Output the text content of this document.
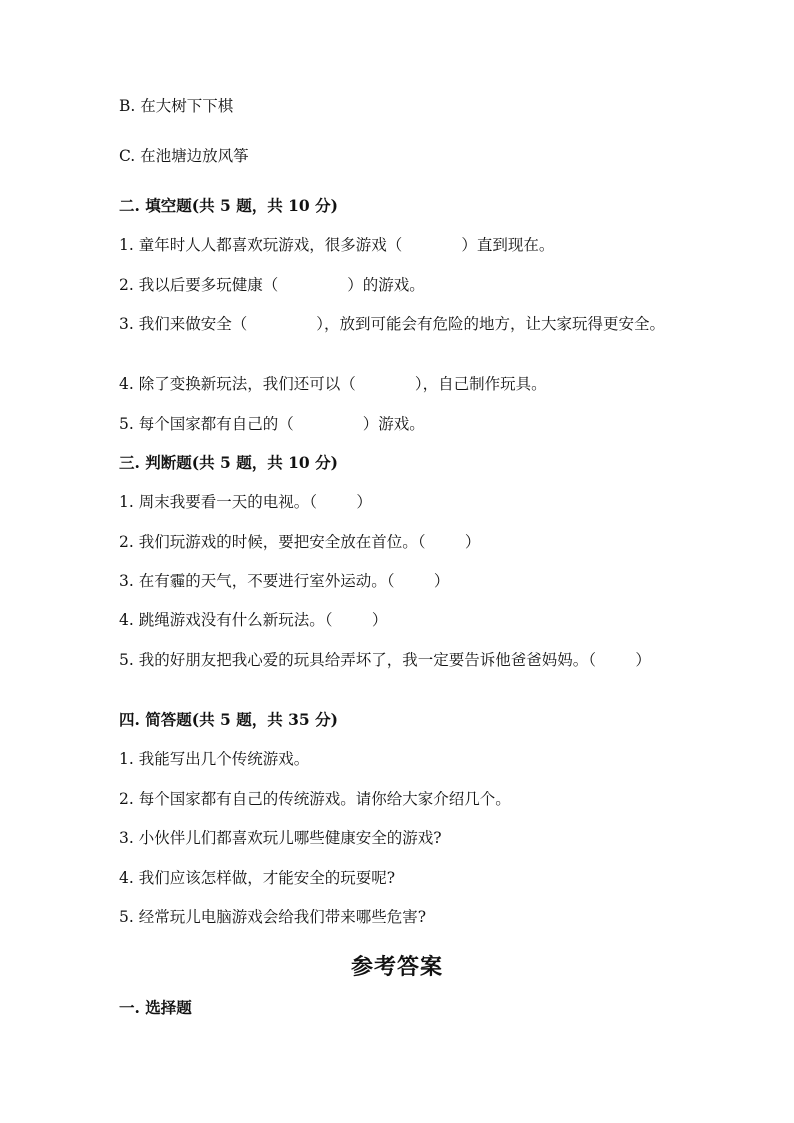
B. 在大树下下棋
C. 在池塘边放风筝
二. 填空题(共 5 题，共 10 分)
1. 童年时人人都喜欢玩游戏，很多游戏（            ）直到现在。
2. 我以后要多玩健康（              ）的游戏。
3. 我们来做安全（              ），放到可能会有危险的地方，让大家玩得更安全。
4. 除了变换新玩法，我们还可以（            ），自己制作玩具。
5. 每个国家都有自己的（              ）游戏。
三. 判断题(共 5 题，共 10 分)
1. 周末我要看一天的电视。（        ）
2. 我们玩游戏的时候，要把安全放在首位。（        ）
3. 在有霾的天气，不要进行室外运动。（        ）
4. 跳绳游戏没有什么新玩法。（        ）
5. 我的好朋友把我心爱的玩具给弄坏了，我一定要告诉他爸爸妈妈。（        ）
四. 简答题(共 5 题，共 35 分)
1. 我能写出几个传统游戏。
2. 每个国家都有自己的传统游戏。请你给大家介绍几个。
3. 小伙伴儿们都喜欢玩儿哪些健康安全的游戏?
4. 我们应该怎样做，才能安全的玩耍呢?
5. 经常玩儿电脑游戏会给我们带来哪些危害?
参考答案
一. 选择题
